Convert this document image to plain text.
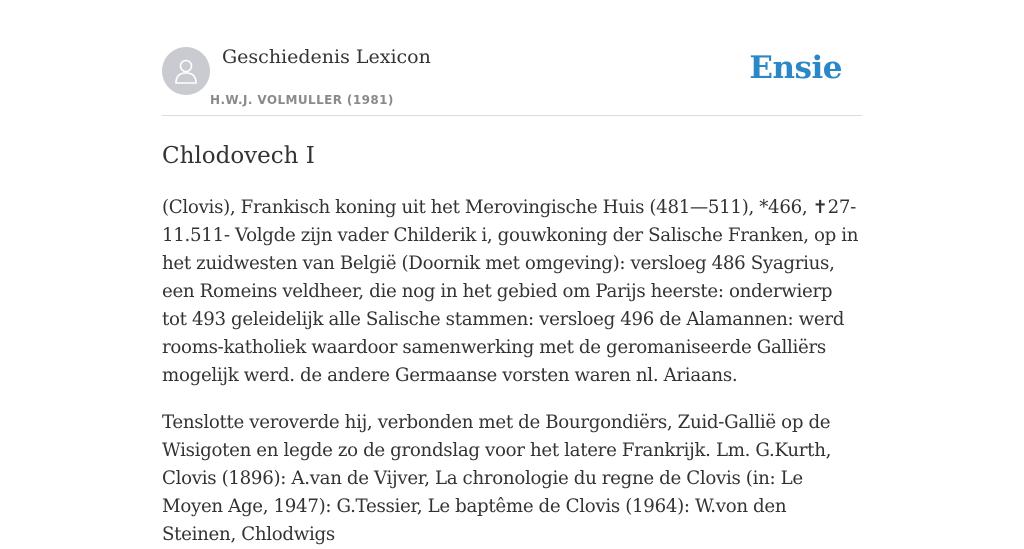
Geschiedenis Lexicon
H.W.J. VOLMULLER (1981)
Ensie
Chlodovech I

(Clovis), Frankisch koning uit het Merovingische Huis (481—511), *466, ✝27-11.511- Volgde zijn vader Childerik i, gouwkoning der Salische Franken, op in het zuidwesten van België (Doornik met omgeving): versloeg 486 Syagrius, een Romeins veldheer, die nog in het gebied om Parijs heerste: onderwierp tot 493 geleidelijk alle Salische stammen: versloeg 496 de Alamannen: werd rooms-katholiek waardoor samenwerking met de geromaniseerde Galliërs mogelijk werd. de andere Germaanse vorsten waren nl. Ariaans.

Tenslotte veroverde hij, verbonden met de Bourgondiërs, Zuid-Gallië op de Wisigoten en legde zo de grondslag voor het latere Frankrijk. Lm. G.Kurth, Clovis (1896): A.van de Vijver, La chronologie du regne de Clovis (in: Le Moyen Age, 1947): G.Tessier, Le baptême de Clovis (1964): W.von den Steinen, Chlodwigs
